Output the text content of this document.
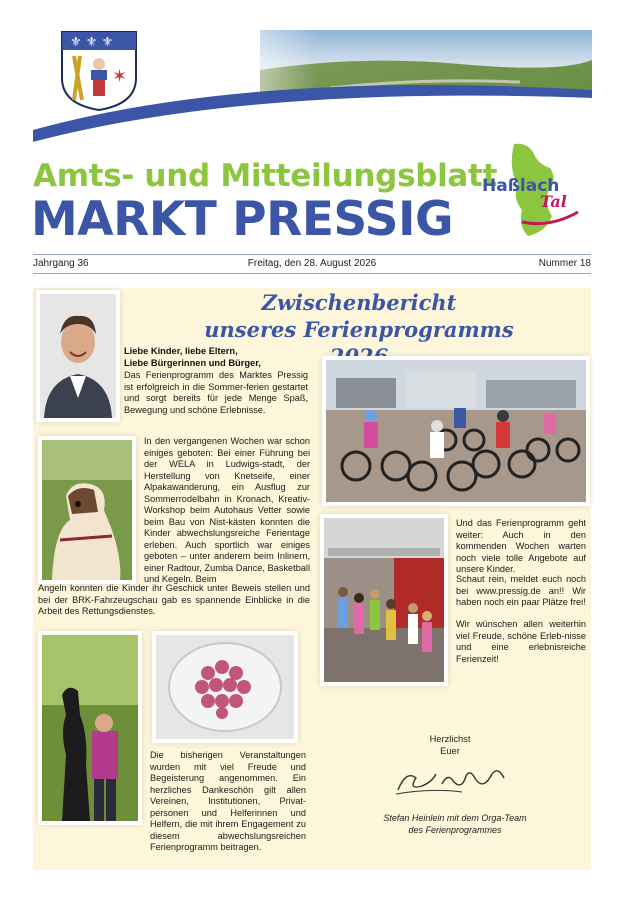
⚜ ⚜ ⚜
✶
Amts- und Mitteilungsblatt
MARKT PRESSIG
Haßlach
Tal
Jahrgang 36	Freitag, den 28. August 2026	Nummer 18
Zwischenbericht
unseres Ferienprogramms
Liebe Kinder, liebe Eltern,
Liebe Bürgerinnen und Bürger,
Das Ferienprogramm des Marktes Pressig ist erfolgreich in die Sommer-ferien gestartet und sorgt bereits für jede Menge Spaß, Bewegung und schöne Erlebnisse.
In den vergangenen Wochen war schon einiges geboten: Bei einer Führung bei der WELA in Ludwigs-stadt, der Herstellung von Knetseife, einer Alpakawanderung, ein Ausflug zur Sommerrodelbahn in Kronach, Kreativ-Workshop beim Autohaus Vetter sowie beim Bau von Nist-kästen konnten die Kinder abwechslungsreiche Ferientage erleben. Auch sportlich war einiges geboten – unter anderem beim Inlinern, einer Radtour, Zumba Dance, Basketball und Kegeln. Beim
Angeln konnten die Kinder ihr Geschick unter Beweis stellen und bei der BRK-Fahrzeugschau gab es spannende Einblicke in die Arbeit des Rettungsdienstes.
Und das Ferienprogramm geht weiter: Auch in den kommenden Wochen warten noch viele tolle Angebote auf unsere Kinder.
Schaut rein, meldet euch noch bei www.pressig.de an!! Wir haben noch ein paar Plätze frei!
Wir wünschen allen weiterhin viel Freude, schöne Erleb-nisse und eine erlebnisreiche Ferienzeit!
Die bisherigen Veranstaltungen wurden mit viel Freude und Begeisterung angenommen. Ein herzliches Dankeschön gilt allen Vereinen, Institutionen, Privat-personen und Helferinnen und Helfern, die mit ihrem Engagement zu diesem abwechslungsreichen Ferienprogramm beitragen.
Herzlichst
Euer
Stefan Heinlein mit dem Orga-Team
des Ferienprogrammes
